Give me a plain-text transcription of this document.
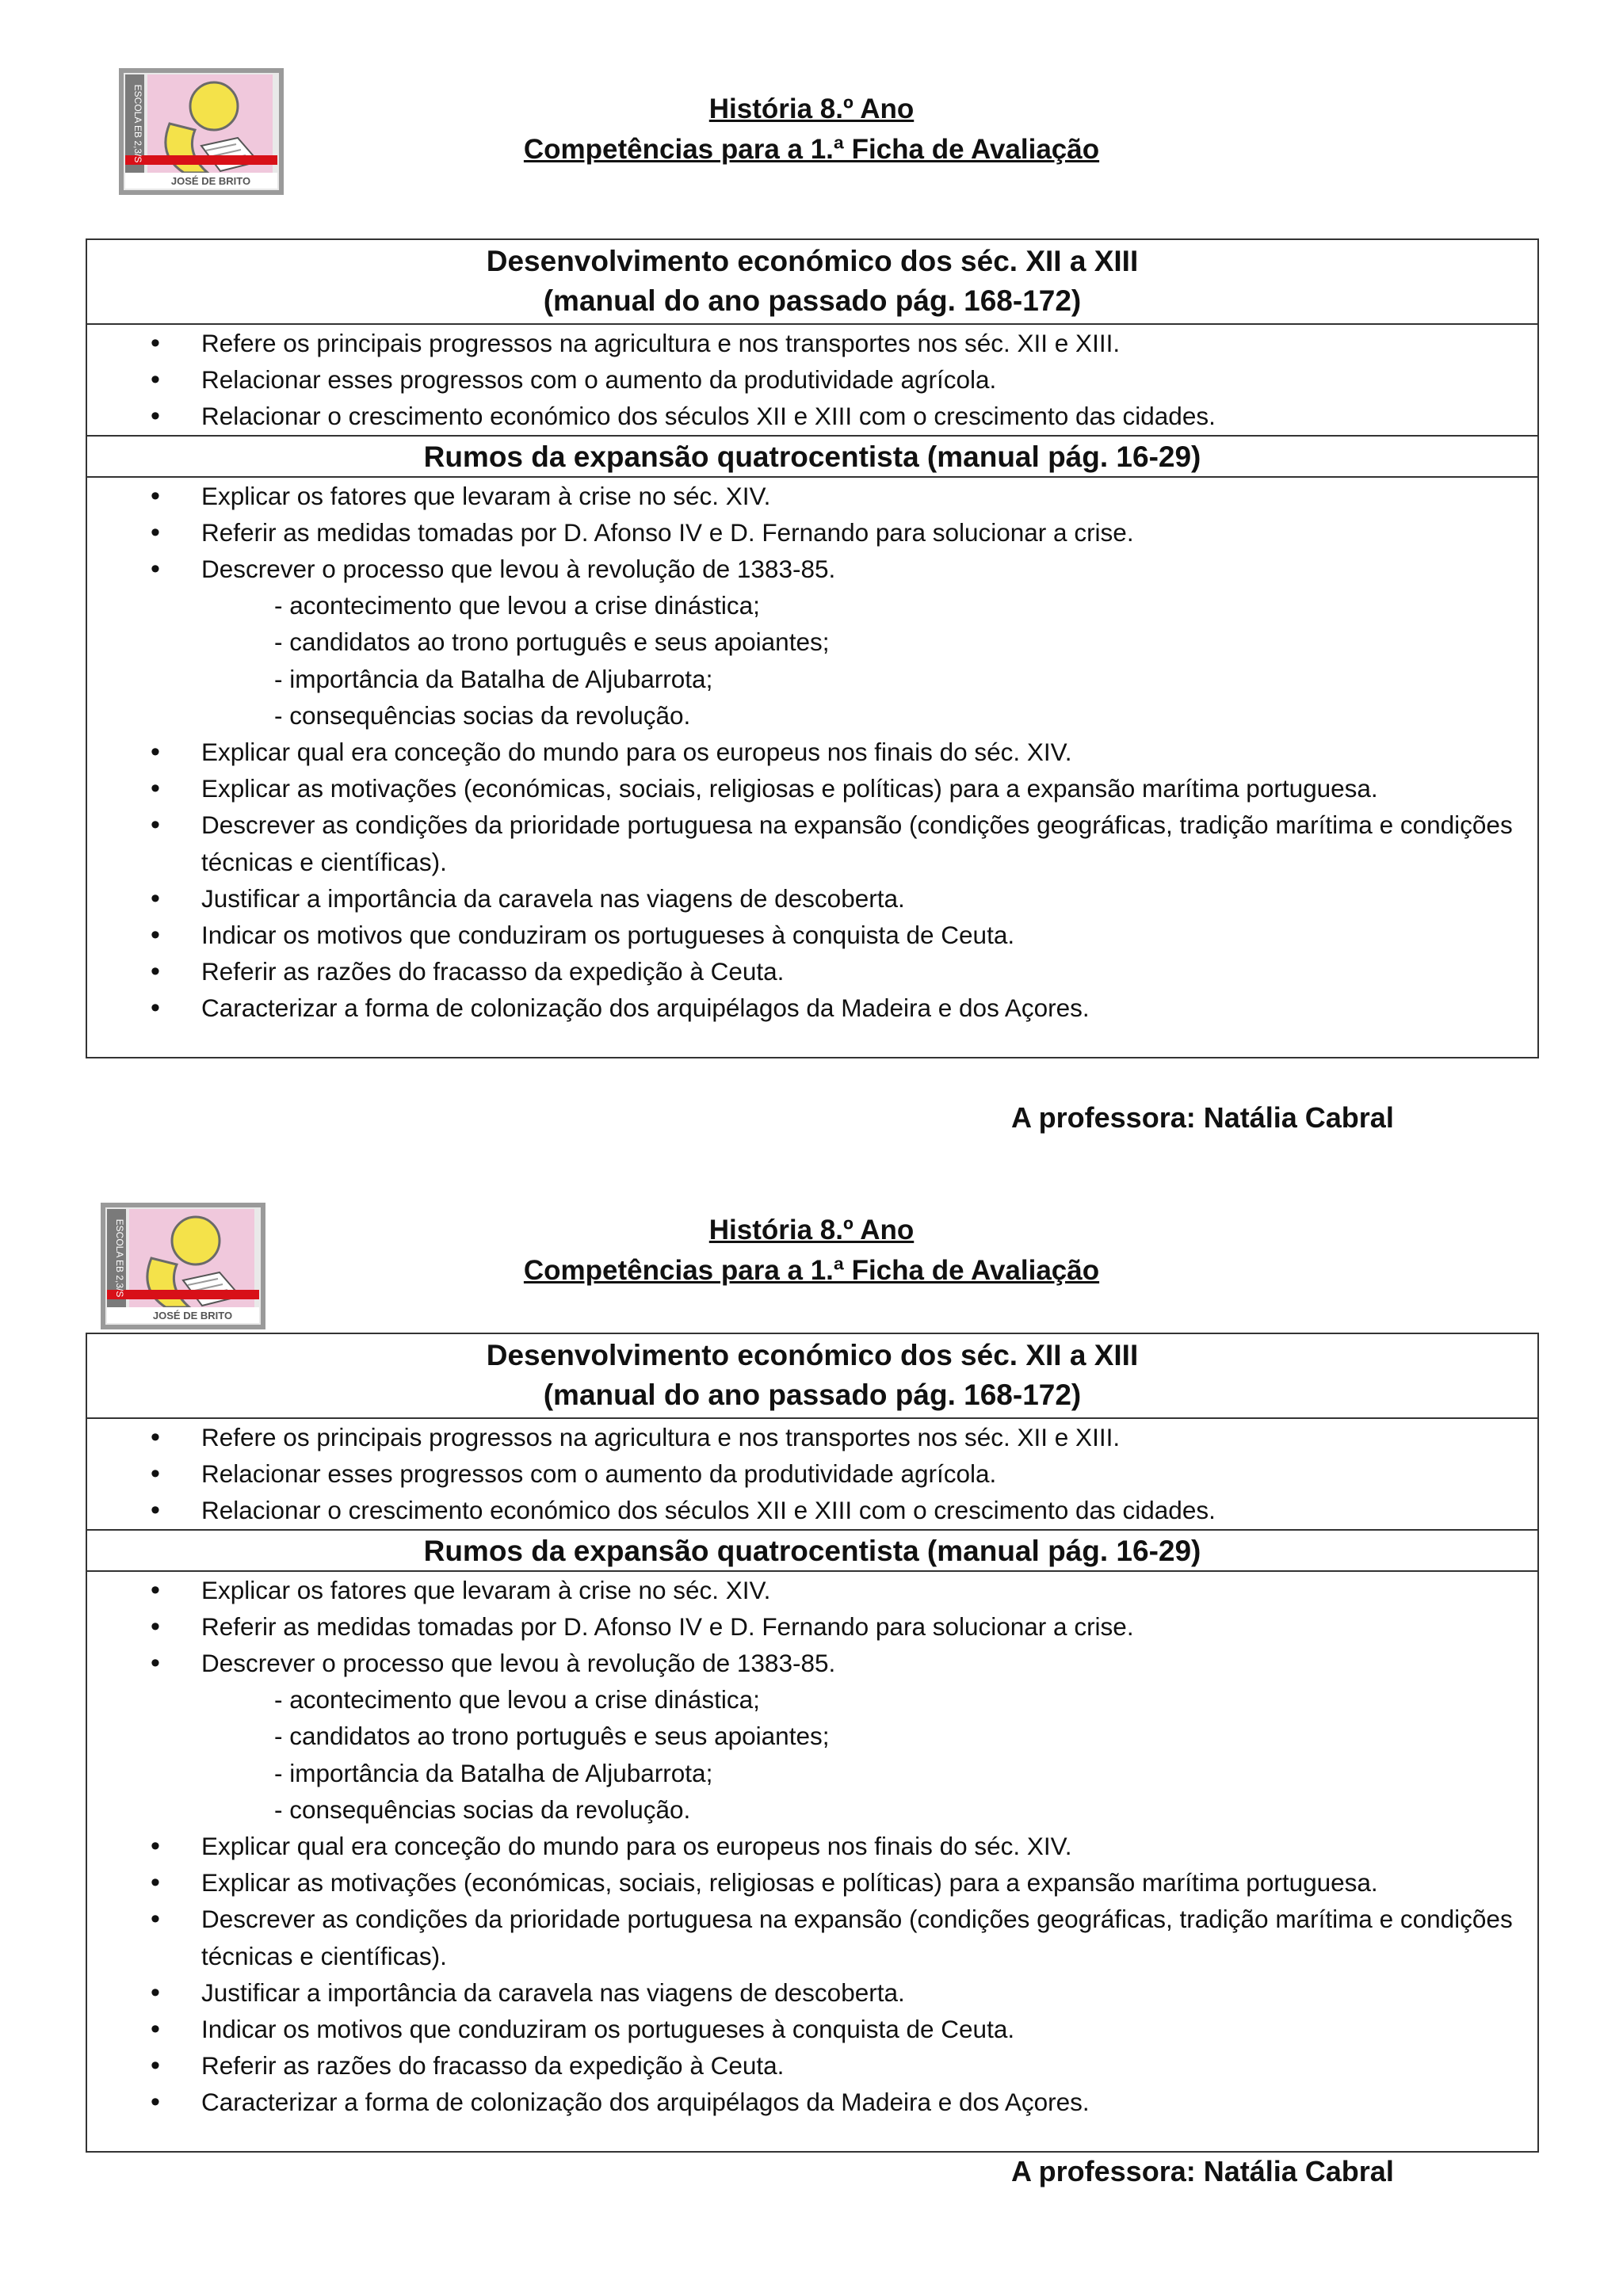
ESCOLA EB 2,3/S
JOSÉ DE BRITO
História 8.º Ano
Competências para a 1.ª Ficha de Avaliação
Desenvolvimento económico dos séc. XII a XIII
(manual do ano passado pág. 168-172)
• Refere os principais progressos na agricultura e nos transportes nos séc. XII e XIII.
• Relacionar esses progressos com o aumento da produtividade agrícola.
• Relacionar o crescimento económico dos séculos XII e XIII com o crescimento das cidades.
Rumos da expansão quatrocentista (manual pág. 16-29)
• Explicar os fatores que levaram à crise no séc. XIV.
• Referir as medidas tomadas por D. Afonso IV e D. Fernando para solucionar a crise.
• Descrever o processo que levou à revolução de 1383-85.
- acontecimento que levou a crise dinástica;
- candidatos ao trono português e seus apoiantes;
- importância da Batalha de Aljubarrota;
- consequências socias da revolução.
• Explicar qual era conceção do mundo para os europeus nos finais do séc. XIV.
• Explicar as motivações (económicas, sociais, religiosas e políticas) para a expansão marítima portuguesa.
• Descrever as condições da prioridade portuguesa na expansão (condições geográficas, tradição marítima e condições técnicas e científicas).
• Justificar a importância da caravela nas viagens de descoberta.
• Indicar os motivos que conduziram os portugueses à conquista de Ceuta.
• Referir as razões do fracasso da expedição à Ceuta.
• Caracterizar a forma de colonização dos arquipélagos da Madeira e dos Açores.
A professora: Natália Cabral
ESCOLA EB 2,3/S
JOSÉ DE BRITO
História 8.º Ano
Competências para a 1.ª Ficha de Avaliação
Desenvolvimento económico dos séc. XII a XIII
(manual do ano passado pág. 168-172)
• Refere os principais progressos na agricultura e nos transportes nos séc. XII e XIII.
• Relacionar esses progressos com o aumento da produtividade agrícola.
• Relacionar o crescimento económico dos séculos XII e XIII com o crescimento das cidades.
Rumos da expansão quatrocentista (manual pág. 16-29)
• Explicar os fatores que levaram à crise no séc. XIV.
• Referir as medidas tomadas por D. Afonso IV e D. Fernando para solucionar a crise.
• Descrever o processo que levou à revolução de 1383-85.
- acontecimento que levou a crise dinástica;
- candidatos ao trono português e seus apoiantes;
- importância da Batalha de Aljubarrota;
- consequências socias da revolução.
• Explicar qual era conceção do mundo para os europeus nos finais do séc. XIV.
• Explicar as motivações (económicas, sociais, religiosas e políticas) para a expansão marítima portuguesa.
• Descrever as condições da prioridade portuguesa na expansão (condições geográficas, tradição marítima e condições técnicas e científicas).
• Justificar a importância da caravela nas viagens de descoberta.
• Indicar os motivos que conduziram os portugueses à conquista de Ceuta.
• Referir as razões do fracasso da expedição à Ceuta.
• Caracterizar a forma de colonização dos arquipélagos da Madeira e dos Açores.
A professora: Natália Cabral
